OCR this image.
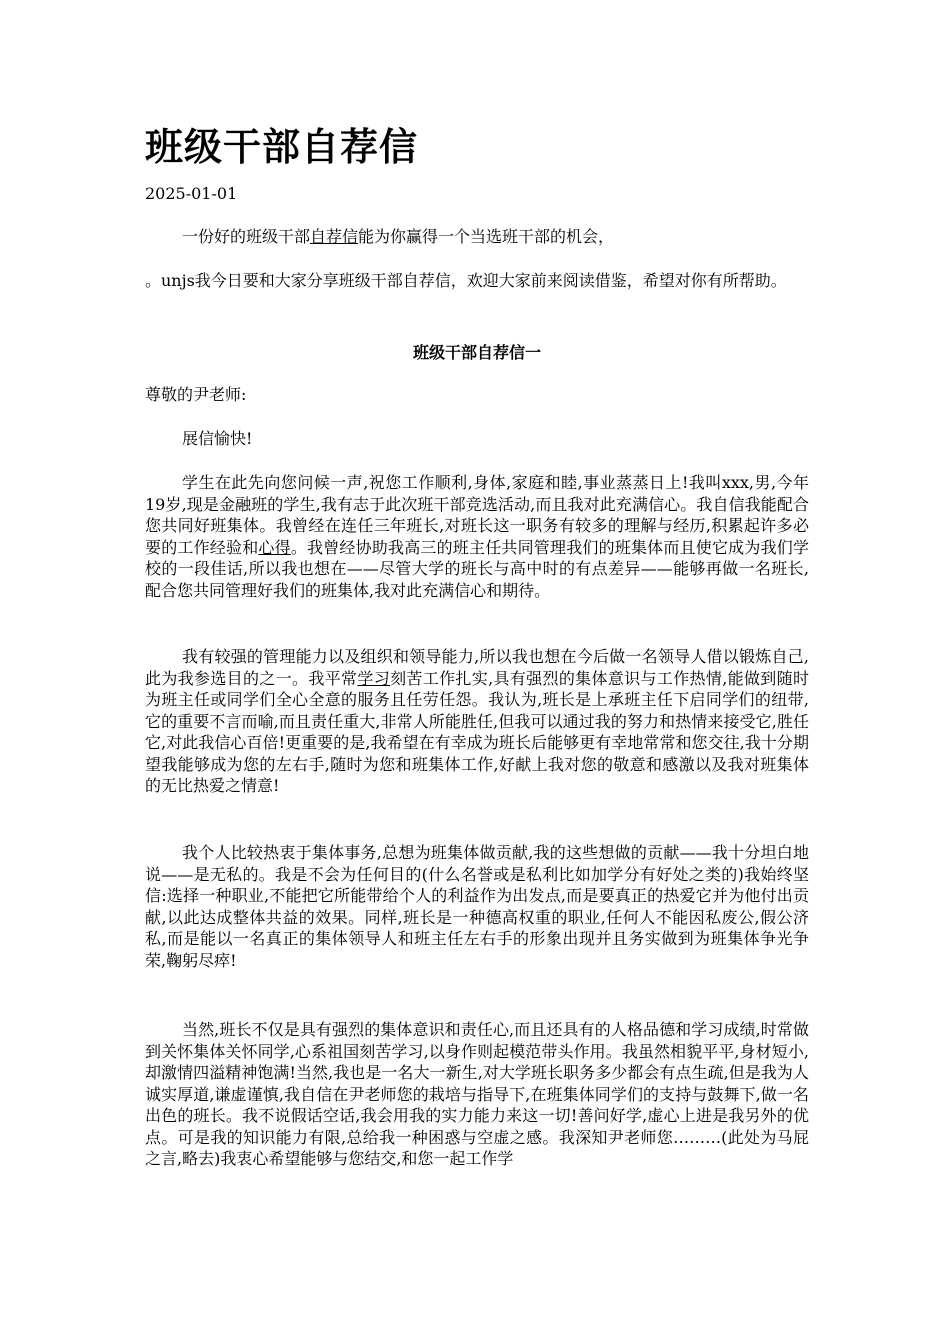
班级干部自荐信
2025-01-01

一份好的班级干部自荐信能为你赢得一个当选班干部的机会，

。unjs我今日要和大家分享班级干部自荐信，欢迎大家前来阅读借鉴，希望对你有所帮助。

班级干部自荐信一

尊敬的尹老师:

展信愉快!

学生在此先向您问候一声,祝您工作顺利,身体,家庭和睦,事业蒸蒸日上!我叫xxx,男,今年19岁,现是金融班的学生,我有志于此次班干部竞选活动,而且我对此充满信心。我自信我能配合您共同好班集体。我曾经在连任三年班长,对班长这一职务有较多的理解与经历,积累起许多必要的工作经验和心得。我曾经协助我高三的班主任共同管理我们的班集体而且使它成为我们学校的一段佳话,所以我也想在——尽管大学的班长与高中时的有点差异——能够再做一名班长,配合您共同管理好我们的班集体,我对此充满信心和期待。

我有较强的管理能力以及组织和领导能力,所以我也想在今后做一名领导人借以锻炼自己,此为我参选目的之一。我平常学习刻苦工作扎实,具有强烈的集体意识与工作热情,能做到随时为班主任或同学们全心全意的服务且任劳任怨。我认为,班长是上承班主任下启同学们的纽带,它的重要不言而喻,而且责任重大,非常人所能胜任,但我可以通过我的努力和热情来接受它,胜任它,对此我信心百倍!更重要的是,我希望在有幸成为班长后能够更有幸地常常和您交往,我十分期望我能够成为您的左右手,随时为您和班集体工作,好献上我对您的敬意和感激以及我对班集体的无比热爱之情意!

我个人比较热衷于集体事务,总想为班集体做贡献,我的这些想做的贡献——我十分坦白地说——是无私的。我是不会为任何目的(什么名誉或是私利比如加学分有好处之类的)我始终坚信:选择一种职业,不能把它所能带给个人的利益作为出发点,而是要真正的热爱它并为他付出贡献,以此达成整体共益的效果。同样,班长是一种德高权重的职业,任何人不能因私废公,假公济私,而是能以一名真正的集体领导人和班主任左右手的形象出现并且务实做到为班集体争光争荣,鞠躬尽瘁!

当然,班长不仅是具有强烈的集体意识和责任心,而且还具有的人格品德和学习成绩,时常做到关怀集体关怀同学,心系祖国刻苦学习,以身作则起模范带头作用。我虽然相貌平平,身材短小,却激情四溢精神饱满!当然,我也是一名大一新生,对大学班长职务多少都会有点生疏,但是我为人诚实厚道,谦虚谨慎,我自信在尹老师您的栽培与指导下,在班集体同学们的支持与鼓舞下,做一名出色的班长。我不说假话空话,我会用我的实力能力来这一切!善问好学,虚心上进是我另外的优点。可是我的知识能力有限,总给我一种困惑与空虚之感。我深知尹老师您………(此处为马屁之言,略去)我衷心希望能够与您结交,和您一起工作学
